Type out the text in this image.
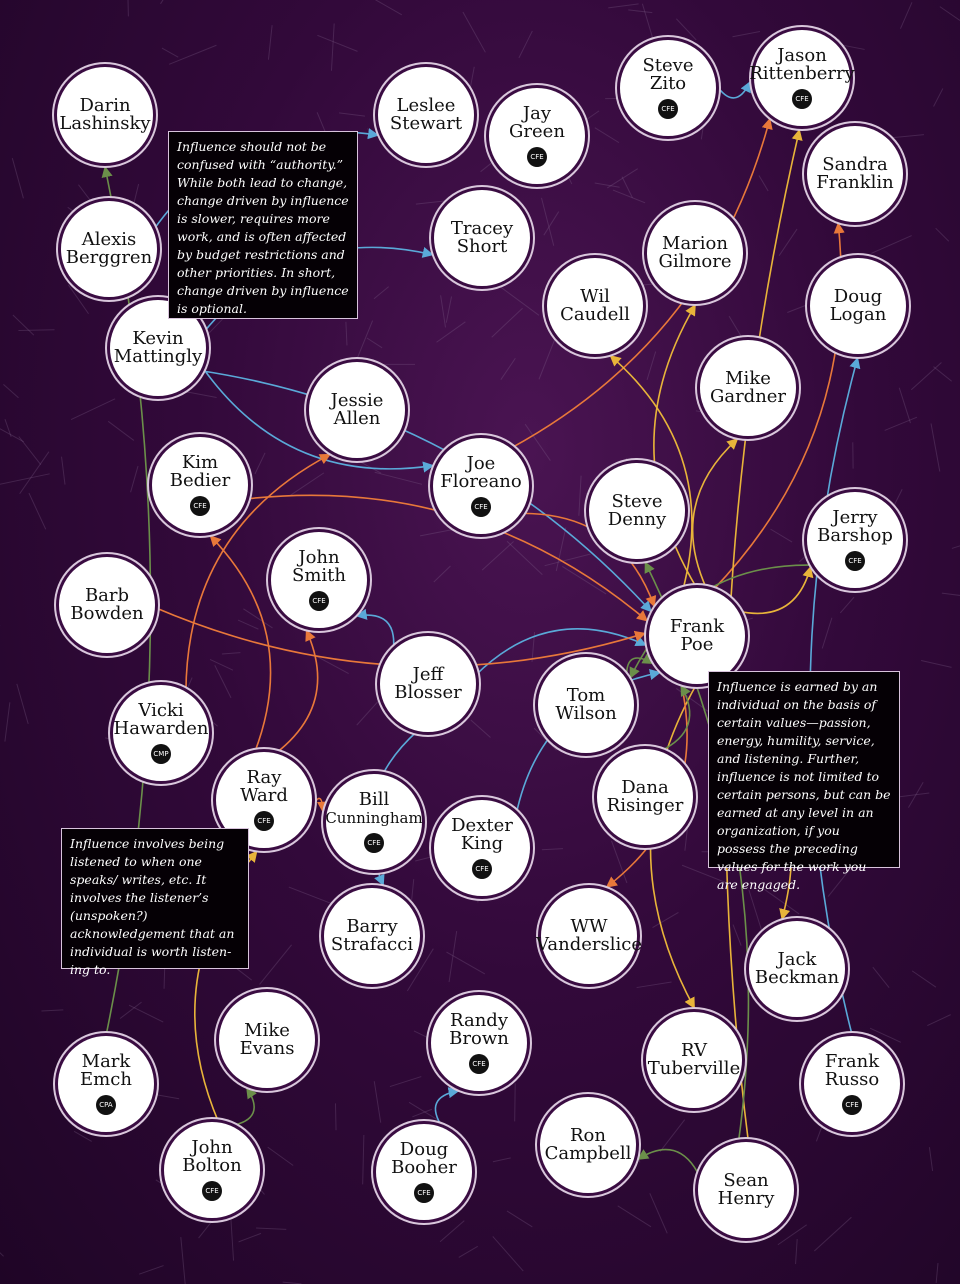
Darin
Lashinsky
Leslee
Stewart	Jay
Green
CFE
Steve
Zito
CFE
Jason
Rittenberry
CFE
Sandra
Franklin
Alexis
Berggren
Tracey
Short	Marion
Gilmore
Wil
Caudell
Doug
Logan
Kevin
Mattingly
Mike
Gardner
Jessie
Allen
Kim
Bedier
CFE
Joe
Floreano
CFE	Steve
Denny	Jerry
Barshop
CFE
John
Smith
CFE
Barb
Bowden
Frank
Poe
Jeff
Blosser	Tom
Wilson
Vicki
Hawarden
CMP
Ray
Ward
CFE
Bill
Cunningham
CFE
Dexter
King
CFE
Dana
Risinger
Barry
Strafacci
WW
Vanderslice
Jack
Beckman
Mike
Evans
Randy
Brown
CFE
RV
Tuberville
Mark
Emch
CPA
Frank
Russo
CFE
John
Bolton
CFE
Doug
Booher
CFE
Ron
Campbell
Sean
Henry
Influence should not be confused with “authority.” While both lead to change, change driven by influence is slower, requires more work, and is often affected by budget restrictions and other priorities. In short, change driven by influence is optional.
Influence is earned by an individual on the basis of certain values—passion, energy, humility, service, and listening. Further, influence is not limited to certain persons, but can be earned at any level in an organization, if you possess the preceding values for the work you are engaged.
Influence involves being listened to when one speaks/ writes, etc. It involves the listener’s (unspoken?) acknowledgement that an individual is worth listen- ing to.
